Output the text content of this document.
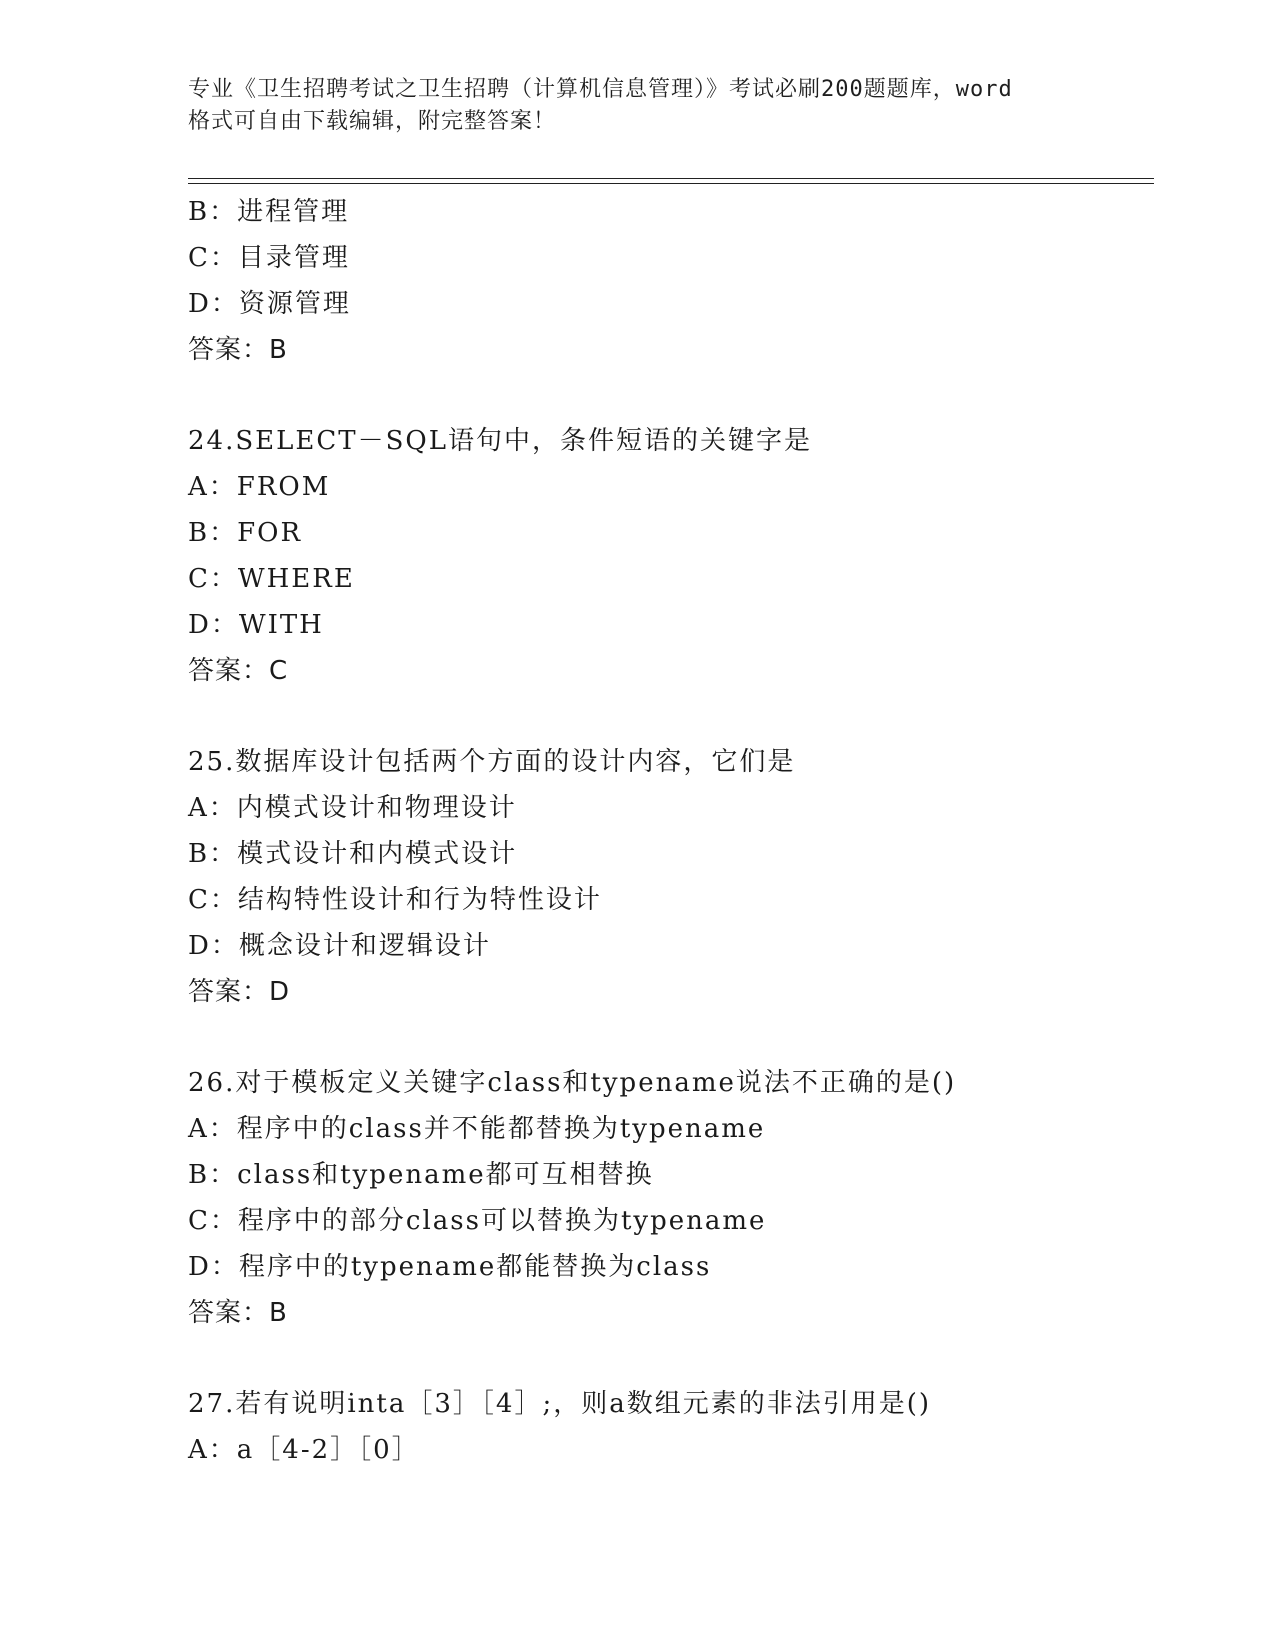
专业《卫生招聘考试之卫生招聘（计算机信息管理）》考试必刷200题题库，word
格式可自由下载编辑，附完整答案！
B：进程管理
C：目录管理
D：资源管理
答案：B
24.SELECT－SQL语句中，条件短语的关键字是
A：FROM
B：FOR
C：WHERE
D：WITH
答案：C
25.数据库设计包括两个方面的设计内容，它们是
A：内模式设计和物理设计
B：模式设计和内模式设计
C：结构特性设计和行为特性设计
D：概念设计和逻辑设计
答案：D
26.对于模板定义关键字class和typename说法不正确的是()
A：程序中的class并不能都替换为typename
B：class和typename都可互相替换
C：程序中的部分class可以替换为typename
D：程序中的typename都能替换为class
答案：B
27.若有说明inta［3］［4］;，则a数组元素的非法引用是()
A：a［4-2］［0］
